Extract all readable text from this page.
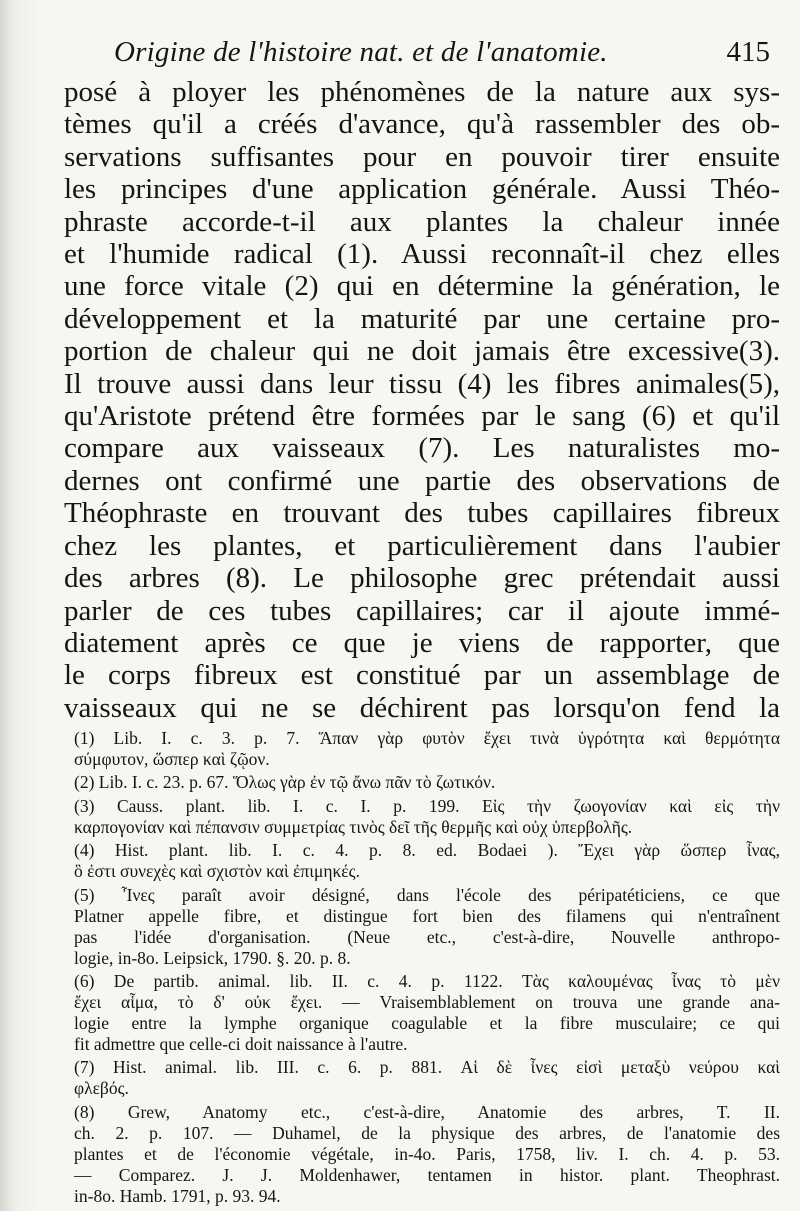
Origine de l'histoire nat. et de l'anatomie.	415
posé à ployer les phénomènes de la nature aux sys-
tèmes qu'il a créés d'avance, qu'à rassembler des ob-
servations suffisantes pour en pouvoir tirer ensuite
les principes d'une application générale. Aussi Théo-
phraste accorde-t-il aux plantes la chaleur innée
et l'humide radical (1). Aussi reconnaît-il chez elles
une force vitale (2) qui en détermine la génération, le
développement et la maturité par une certaine pro-
portion de chaleur qui ne doit jamais être excessive(3).
Il trouve aussi dans leur tissu (4) les fibres animales(5),
qu'Aristote prétend être formées par le sang (6) et qu'il
compare aux vaisseaux (7). Les naturalistes mo-
dernes ont confirmé une partie des observations de
Théophraste en trouvant des tubes capillaires fibreux
chez les plantes, et particulièrement dans l'aubier
des arbres (8). Le philosophe grec prétendait aussi
parler de ces tubes capillaires; car il ajoute immé-
diatement après ce que je viens de rapporter, que
le corps fibreux est constitué par un assemblage de
vaisseaux qui ne se déchirent pas lorsqu'on fend la
(1) Lib. I. c. 3. p. 7. Ἅπαν γὰρ φυτὸν ἔχει τινὰ ὑγρότητα καὶ θερμότητα
σύμφυτον, ὥσπερ καὶ ζῷον.
(2) Lib. I. c. 23. p. 67. Ὅλως γὰρ ἐν τῷ ἄνω πᾶν τὸ ζωτικόν.
(3) Causs. plant. lib. I. c. I. p. 199. Εἰς τὴν ζωογονίαν καὶ εἰς τὴν
καρπογονίαν καὶ πέπανσιν συμμετρίας τινὸς δεῖ τῆς θερμῆς καὶ οὐχ ὑπερβολῆς.
(4) Hist. plant. lib. I. c. 4. p. 8. ed. Bodaei ). Ἔχει γὰρ ὥσπερ ἶνας,
ὃ ἐστι συνεχὲς καὶ σχιστὸν καὶ ἐπιμηκές.
(5) Ἶνες paraît avoir désigné, dans l'école des péripatéticiens, ce que
Platner appelle fibre, et distingue fort bien des filamens qui n'entraînent
pas l'idée d'organisation. (Neue etc., c'est-à-dire, Nouvelle anthropo-
logie, in-8o. Leipsick, 1790. §. 20. p. 8.
(6) De partib. animal. lib. II. c. 4. p. 1122. Τὰς καλουμένας ἶνας τὸ μὲν
ἔχει αἷμα, τὸ δ' οὐκ ἔχει. — Vraisemblablement on trouva une grande ana-
logie entre la lymphe organique coagulable et la fibre musculaire; ce qui
fit admettre que celle-ci doit naissance à l'autre.
(7) Hist. animal. lib. III. c. 6. p. 881. Αἱ δὲ ἶνες εἰσὶ μεταξὺ νεύρου καὶ
φλεβός.
(8) Grew, Anatomy etc., c'est-à-dire, Anatomie des arbres, T. II.
ch. 2. p. 107. — Duhamel, de la physique des arbres, de l'anatomie des
plantes et de l'économie végétale, in-4o. Paris, 1758, liv. I. ch. 4. p. 53.
— Comparez. J. J. Moldenhawer, tentamen in histor. plant. Theophrast.
in-8o. Hamb. 1791, p. 93. 94.
